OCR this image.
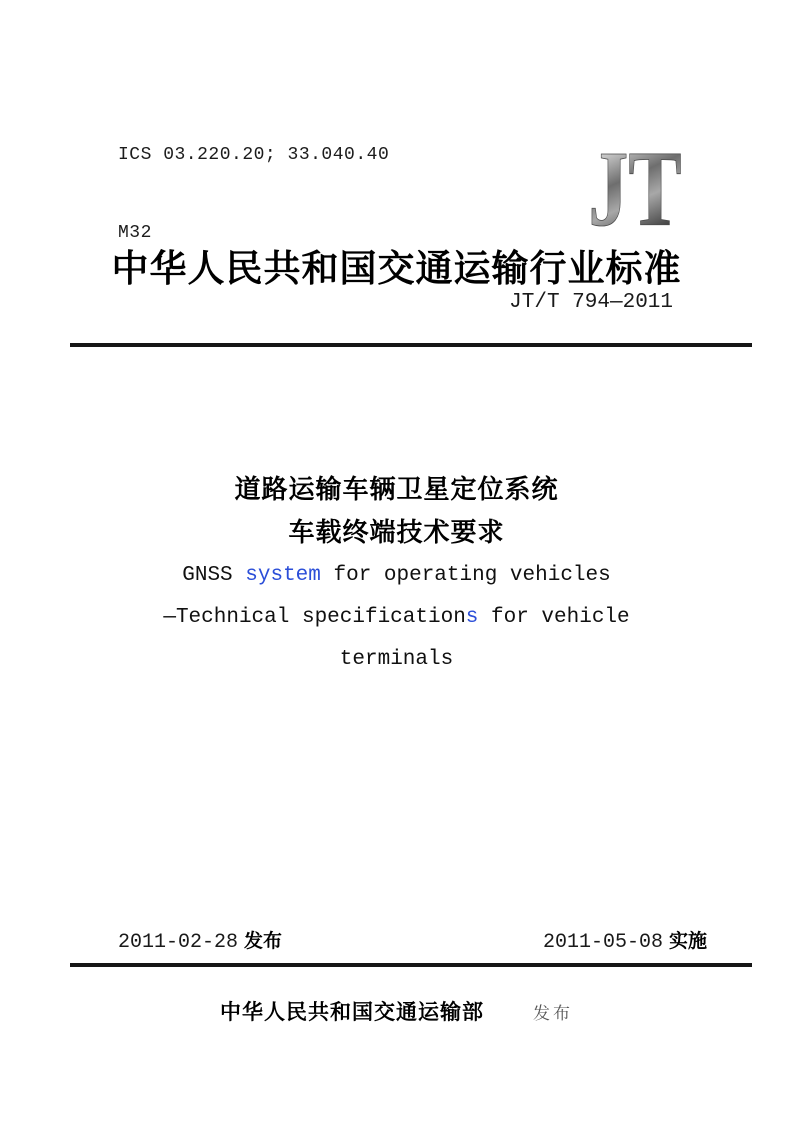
ICS 03.220.20; 33.040.40

M32

	JT
中华人民共和国交通运输行业标准
JT/T 794—2011
道路运输车辆卫星定位系统
车载终端技术要求
GNSS system for operating vehicles
—Technical specifications for vehicle
terminals
2011-02-28 发布	2011-05-08 实施
中华人民共和国交通运输部	发布
